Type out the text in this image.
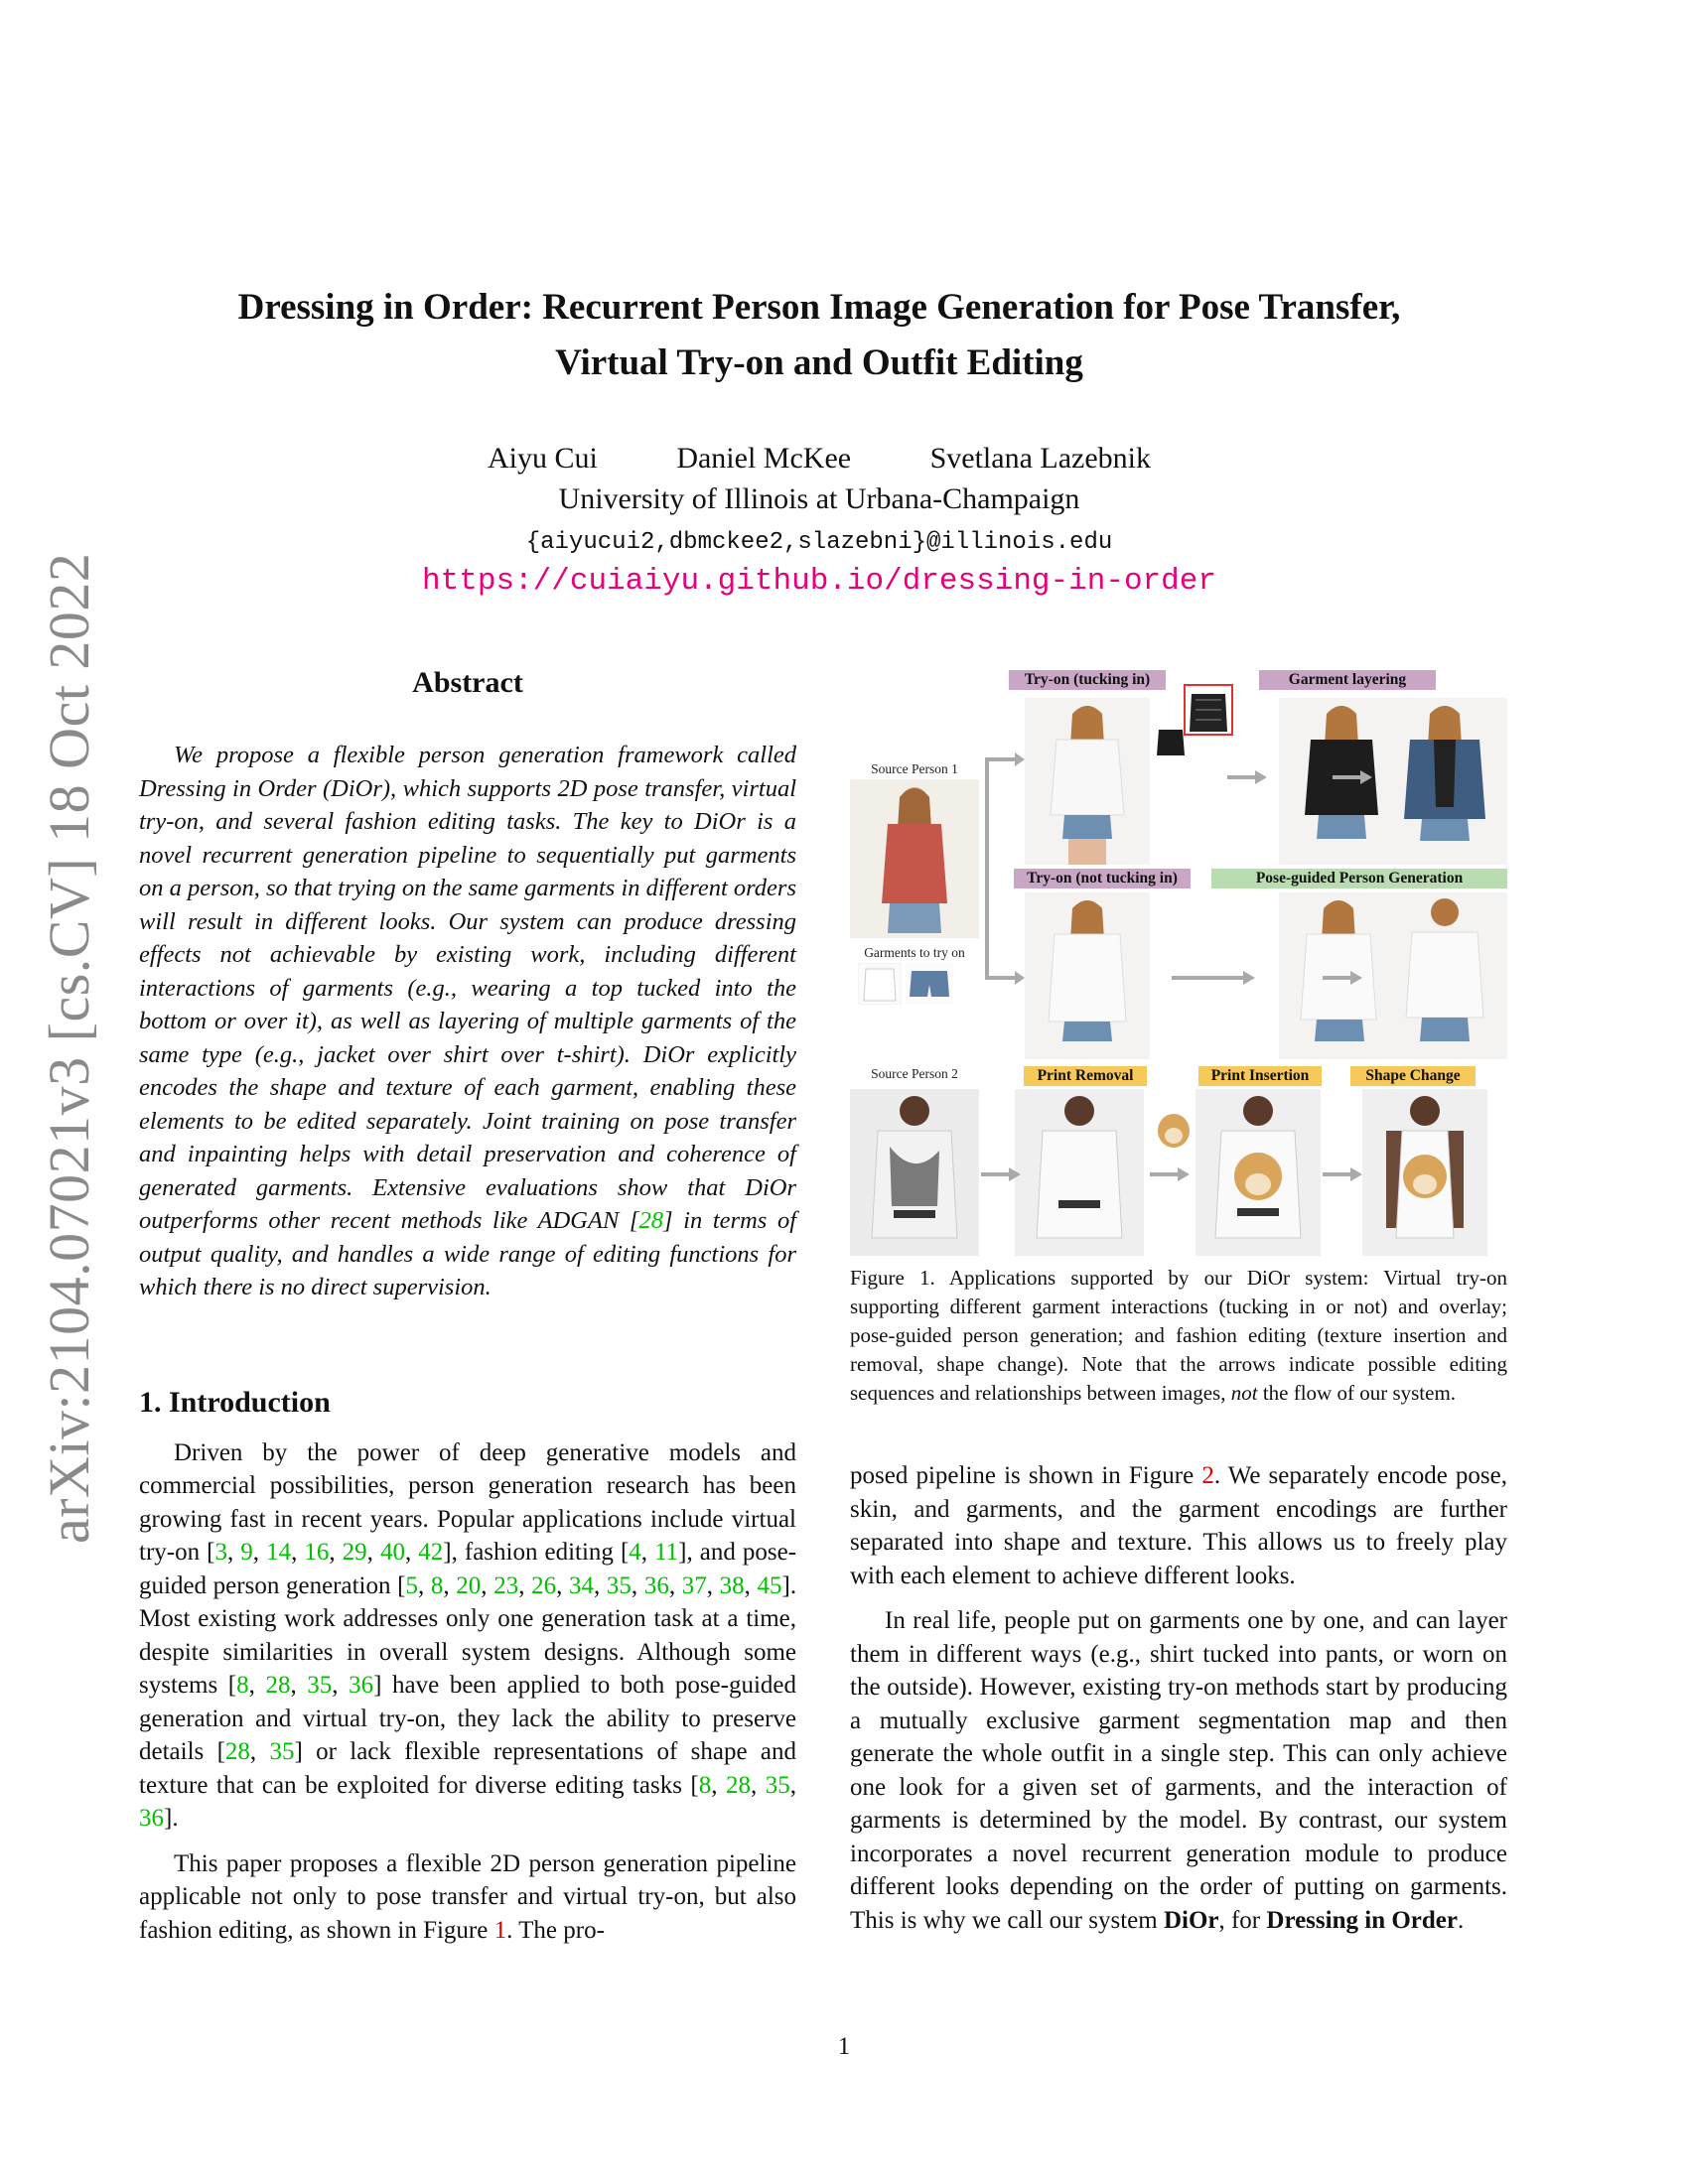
arXiv:2104.07021v3 [cs.CV] 18 Oct 2022
Dressing in Order: Recurrent Person Image Generation for Pose Transfer,
Virtual Try-on and Outfit Editing
Aiyu Cui	Daniel McKee	Svetlana Lazebnik
University of Illinois at Urbana-Champaign
{aiyucui2,dbmckee2,slazebni}@illinois.edu
https://cuiaiyu.github.io/dressing-in-order
Abstract
We propose a flexible person generation framework called Dressing in Order (DiOr), which supports 2D pose transfer, virtual try-on, and several fashion editing tasks. The key to DiOr is a novel recurrent generation pipeline to sequentially put garments on a person, so that trying on the same garments in different orders will result in different looks. Our system can produce dressing effects not achievable by existing work, including different interactions of garments (e.g., wearing a top tucked into the bottom or over it), as well as layering of multiple garments of the same type (e.g., jacket over shirt over t-shirt). DiOr explicitly encodes the shape and texture of each garment, enabling these elements to be edited separately. Joint training on pose transfer and inpainting helps with detail preservation and coherence of generated garments. Extensive evaluations show that DiOr outperforms other recent methods like ADGAN [28] in terms of output quality, and handles a wide range of editing functions for which there is no direct supervision.
1. Introduction

Driven by the power of deep generative models and commercial possibilities, person generation research has been growing fast in recent years. Popular applications include virtual try-on [3, 9, 14, 16, 29, 40, 42], fashion editing [4, 11], and pose-guided person generation [5, 8, 20, 23, 26, 34, 35, 36, 37, 38, 45]. Most existing work addresses only one generation task at a time, despite similarities in overall system designs. Although some systems [8, 28, 35, 36] have been applied to both pose-guided generation and virtual try-on, they lack the ability to preserve details [28, 35] or lack flexible representations of shape and texture that can be exploited for diverse editing tasks [8, 28, 35, 36].

This paper proposes a flexible 2D person generation pipeline applicable not only to pose transfer and virtual try-on, but also fashion editing, as shown in Figure 1. The pro-

Try-on (tucking in)	Garment layering
Source Person 1
Try-on (not tucking in)	Pose-guided Person Generation
Garments to try on
Source Person 2	Print Removal	Print Insertion	Shape Change
Figure 1. Applications supported by our DiOr system: Virtual try-on supporting different garment interactions (tucking in or not) and overlay; pose-guided person generation; and fashion editing (texture insertion and removal, shape change). Note that the arrows indicate possible editing sequences and relationships between images, not the flow of our system.

posed pipeline is shown in Figure 2. We separately encode pose, skin, and garments, and the garment encodings are further separated into shape and texture. This allows us to freely play with each element to achieve different looks.

In real life, people put on garments one by one, and can layer them in different ways (e.g., shirt tucked into pants, or worn on the outside). However, existing try-on methods start by producing a mutually exclusive garment segmentation map and then generate the whole outfit in a single step. This can only achieve one look for a given set of garments, and the interaction of garments is determined by the model. By contrast, our system incorporates a novel recurrent generation module to produce different looks depending on the order of putting on garments. This is why we call our system DiOr, for Dressing in Order.

1
